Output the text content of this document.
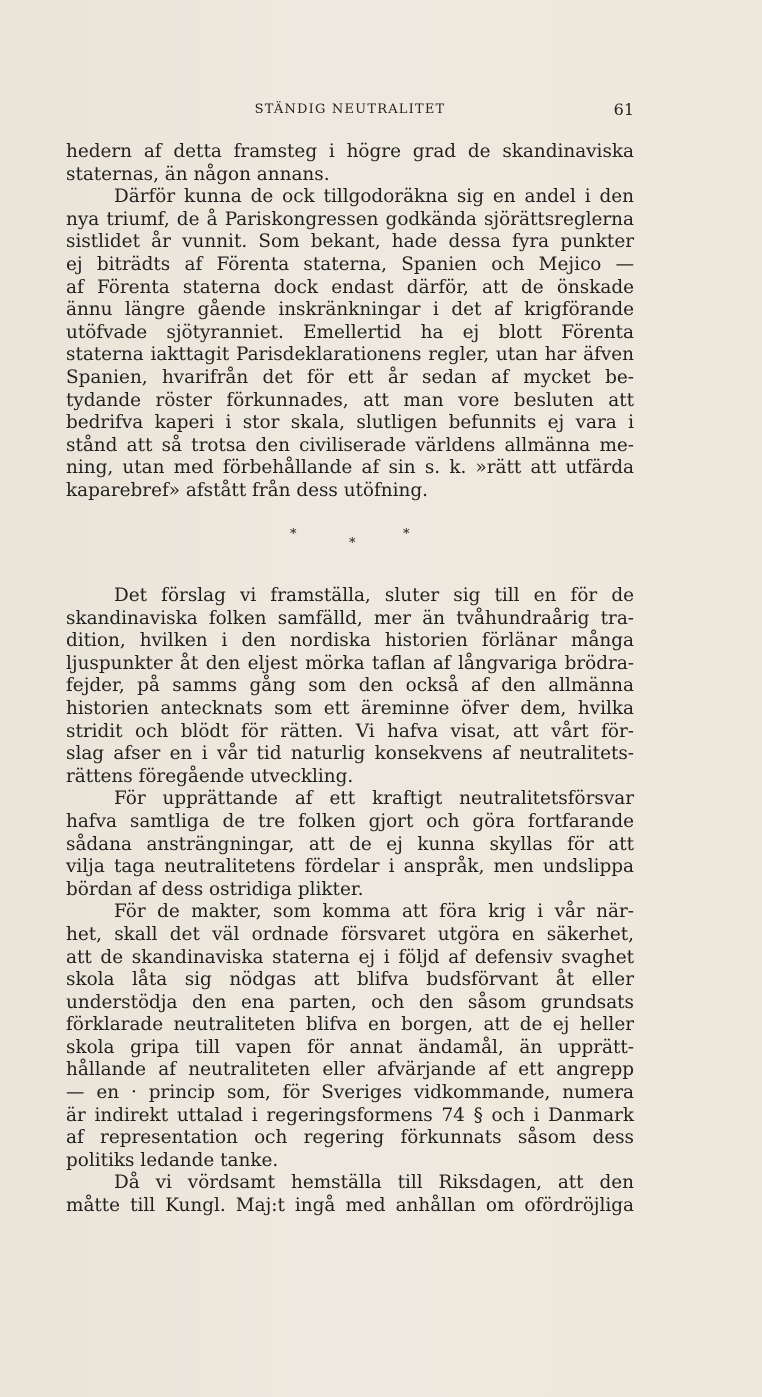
STÄNDIG NEUTRALITET	61
hedern af detta framsteg i högre grad de skandinaviska
staternas, än någon annans.
Därför kunna de ock tillgodoräkna sig en andel i den
nya triumf, de å Pariskongressen godkända sjörättsreglerna
sistlidet år vunnit. Som bekant, hade dessa fyra punkter
ej biträdts af Förenta staterna, Spanien och Mejico —
af Förenta staterna dock endast därför, att de önskade
ännu längre gående inskränkningar i det af krigförande
utöfvade sjötyranniet. Emellertid ha ej blott Förenta
staterna iakttagit Parisdeklarationens regler, utan har äfven
Spanien, hvarifrån det för ett år sedan af mycket be-
tydande röster förkunnades, att man vore besluten att
bedrifva kaperi i stor skala, slutligen befunnits ej vara i
stånd att så trotsa den civiliserade världens allmänna me-
ning, utan med förbehållande af sin s. k. »rätt att utfärda
kaparebref» afstått från dess utöfning.
*
*
*
Det förslag vi framställa, sluter sig till en för de
skandinaviska folken samfälld, mer än tvåhundraårig tra-
dition, hvilken i den nordiska historien förlänar många
ljuspunkter åt den eljest mörka taflan af långvariga brödra-
fejder, på samms gång som den också af den allmänna
historien antecknats som ett äreminne öfver dem, hvilka
stridit och blödt för rätten. Vi hafva visat, att vårt för-
slag afser en i vår tid naturlig konsekvens af neutralitets-
rättens föregående utveckling.
För upprättande af ett kraftigt neutralitetsförsvar
hafva samtliga de tre folken gjort och göra fortfarande
sådana ansträngningar, att de ej kunna skyllas för att
vilja taga neutralitetens fördelar i anspråk, men undslippa
bördan af dess ostridiga plikter.
För de makter, som komma att föra krig i vår när-
het, skall det väl ordnade försvaret utgöra en säkerhet,
att de skandinaviska staterna ej i följd af defensiv svaghet
skola låta sig nödgas att blifva budsförvant åt eller
understödja den ena parten, och den såsom grundsats
förklarade neutraliteten blifva en borgen, att de ej heller
skola gripa till vapen för annat ändamål, än upprätt-
hållande af neutraliteten eller afvärjande af ett angrepp
— en · princip som, för Sveriges vidkommande, numera
är indirekt uttalad i regeringsformens 74 § och i Danmark
af representation och regering förkunnats såsom dess
politiks ledande tanke.
Då vi vördsamt hemställa till Riksdagen, att den
måtte till Kungl. Maj:t ingå med anhållan om ofördröjliga
